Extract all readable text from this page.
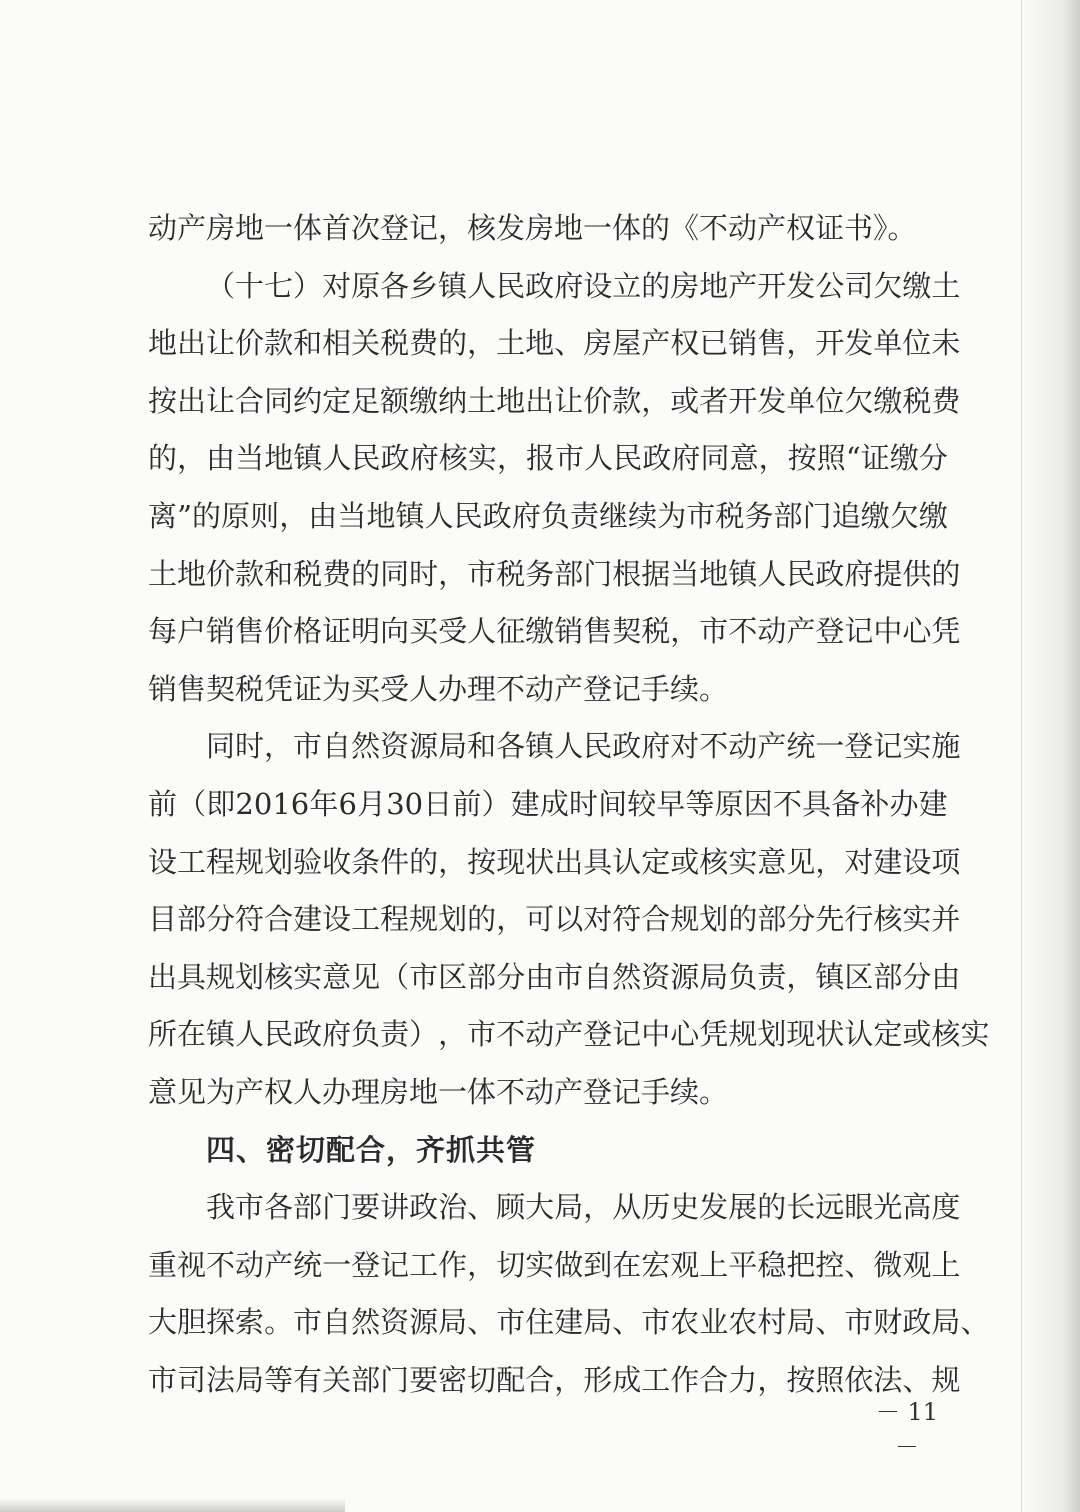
动产房地一体首次登记，核发房地一体的《不动产权证书》。
（ 十 七 ） 对 原 各 乡 镇 人 民 政 府 设 立 的 房 地 产 开 发 公 司 欠 缴 土
地 出 让 价 款 和 相 关 税 费 的 ， 土 地 、 房 屋 产 权 已 销 售 ， 开 发 单 位 未
按 出 让 合 同 约 定 足 额 缴 纳 土 地 出 让 价 款 ， 或 者 开 发 单 位 欠 缴 税 费
的 ， 由 当 地 镇 人 民 政 府 核 实 ， 报 市 人 民 政 府 同 意 ， 按 照 “ 证 缴 分
离 ” 的 原 则 ， 由 当 地 镇 人 民 政 府 负 责 继 续 为 市 税 务 部 门 追 缴 欠 缴
土 地 价 款 和 税 费 的 同 时 ， 市 税 务 部 门 根 据 当 地 镇 人 民 政 府 提 供 的
每 户 销 售 价 格 证 明 向 买 受 人 征 缴 销 售 契 税 ， 市 不 动 产 登 记 中 心 凭
销售契税凭证为买受人办理不动产登记手续。
同 时 ， 市 自 然 资 源 局 和 各 镇 人 民 政 府 对 不 动 产 统 一 登 记 实 施
前 （ 即 2016 年 6 月 30 日 前 ） 建 成 时 间 较 早 等 原 因 不 具 备 补 办 建
设 工 程 规 划 验 收 条 件 的 ， 按 现 状 出 具 认 定 或 核 实 意 见 ， 对 建 设 项
目 部 分 符 合 建 设 工 程 规 划 的 ， 可 以 对 符 合 规 划 的 部 分 先 行 核 实 并
出 具 规 划 核 实 意 见 （ 市 区 部 分 由 市 自 然 资 源 局 负 责 ， 镇 区 部 分 由
所 在 镇 人 民 政 府 负 责 ） ， 市 不 动 产 登 记 中 心 凭 规 划 现 状 认 定 或 核 实
意见为产权人办理房地一体不动产登记手续。
四、密切配合，齐抓共管
我 市 各 部 门 要 讲 政 治 、 顾 大 局 ， 从 历 史 发 展 的 长 远 眼 光 高 度
重 视 不 动 产 统 一 登 记 工 作 ， 切 实 做 到 在 宏 观 上 平 稳 把 控 、 微 观 上
大 胆 探 索 。 市 自 然 资 源 局 、 市 住 建 局 、 市 农 业 农 村 局 、 市 财 政 局 、
市 司 法 局 等 有 关 部 门 要 密 切 配 合 ， 形 成 工 作 合 力 ， 按 照 依 法 、 规
－ 11 －
